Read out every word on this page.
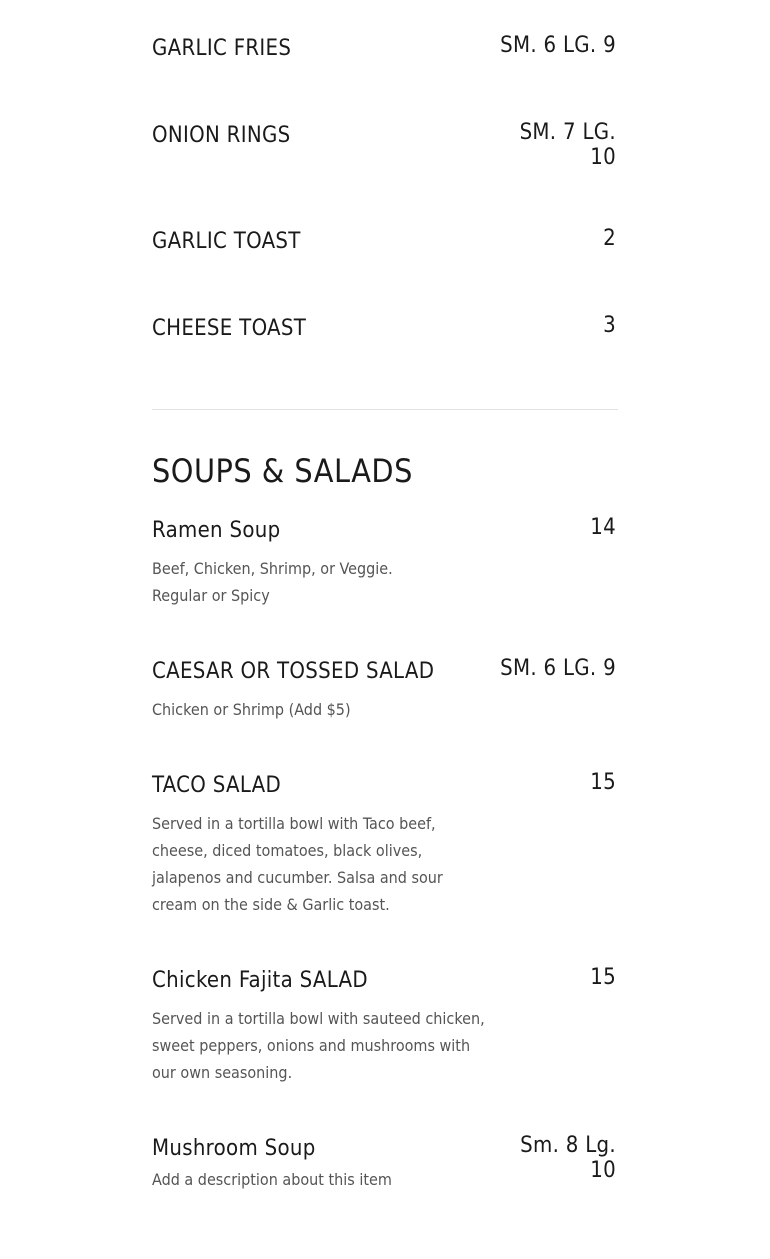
GARLIC FRIES	SM. 6 LG. 9
ONION RINGS	SM. 7 LG. 10
GARLIC TOAST	2
CHEESE TOAST	3
SOUPS & SALADS
Ramen Soup	14
Beef, Chicken, Shrimp, or Veggie. Regular or Spicy
CAESAR OR TOSSED SALAD	SM. 6 LG. 9
Chicken or Shrimp (Add $5)
TACO SALAD	15
Served in a tortilla bowl with Taco beef, cheese, diced tomatoes, black olives, jalapenos and cucumber. Salsa and sour cream on the side & Garlic toast.
Chicken Fajita SALAD	15
Served in a tortilla bowl with sauteed chicken, sweet peppers, onions and mushrooms with our own seasoning.
Mushroom Soup	Sm. 8 Lg. 10
Add a description about this item
